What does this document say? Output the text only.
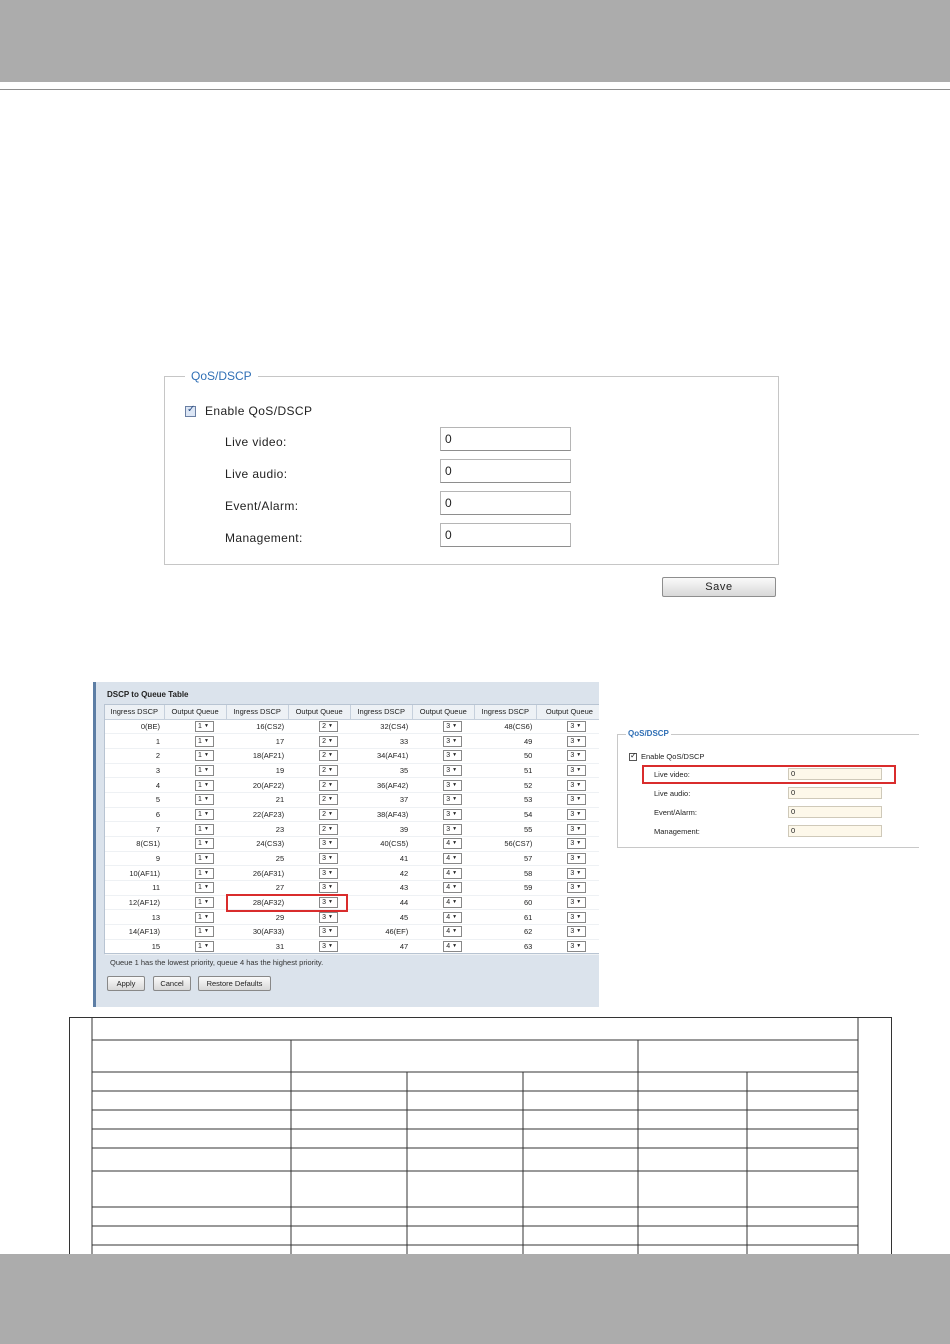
QoS/DSCP
✓
Enable QoS/DSCP
Live video:	0
Live audio:	0
Event/Alarm:	0
Management:	0
Save
DSCP to Queue Table
Ingress DSCP	Output Queue	Ingress DSCP	Output Queue	Ingress DSCP	Output Queue	Ingress DSCP	Output Queue
0(BE)	1 ▼	16(CS2)	2 ▼	32(CS4)	3 ▼	48(CS6)	3 ▼
1	1 ▼	17	2 ▼	33	3 ▼	49	3 ▼
2	1 ▼	18(AF21)	2 ▼	34(AF41)	3 ▼	50	3 ▼
3	1 ▼	19	2 ▼	35	3 ▼	51	3 ▼
4	1 ▼	20(AF22)	2 ▼	36(AF42)	3 ▼	52	3 ▼
5	1 ▼	21	2 ▼	37	3 ▼	53	3 ▼
6	1 ▼	22(AF23)	2 ▼	38(AF43)	3 ▼	54	3 ▼
7	1 ▼	23	2 ▼	39	3 ▼	55	3 ▼
8(CS1)	1 ▼	24(CS3)	3 ▼	40(CS5)	4 ▼	56(CS7)	3 ▼
9	1 ▼	25	3 ▼	41	4 ▼	57	3 ▼
10(AF11)	1 ▼	26(AF31)	3 ▼	42	4 ▼	58	3 ▼
11	1 ▼	27	3 ▼	43	4 ▼	59	3 ▼
12(AF12)	1 ▼	28(AF32)	3 ▼	44	4 ▼	60	3 ▼
13	1 ▼	29	3 ▼	45	4 ▼	61	3 ▼
14(AF13)	1 ▼	30(AF33)	3 ▼	46(EF)	4 ▼	62	3 ▼
15	1 ▼	31	3 ▼	47	4 ▼	63	3 ▼
Queue 1 has the lowest priority, queue 4 has the highest priority.
Apply	Cancel	Restore Defaults
QoS/DSCP
✓
Enable QoS/DSCP
Live video:	0
Live audio:	0
Event/Alarm:	0
Management:	0
